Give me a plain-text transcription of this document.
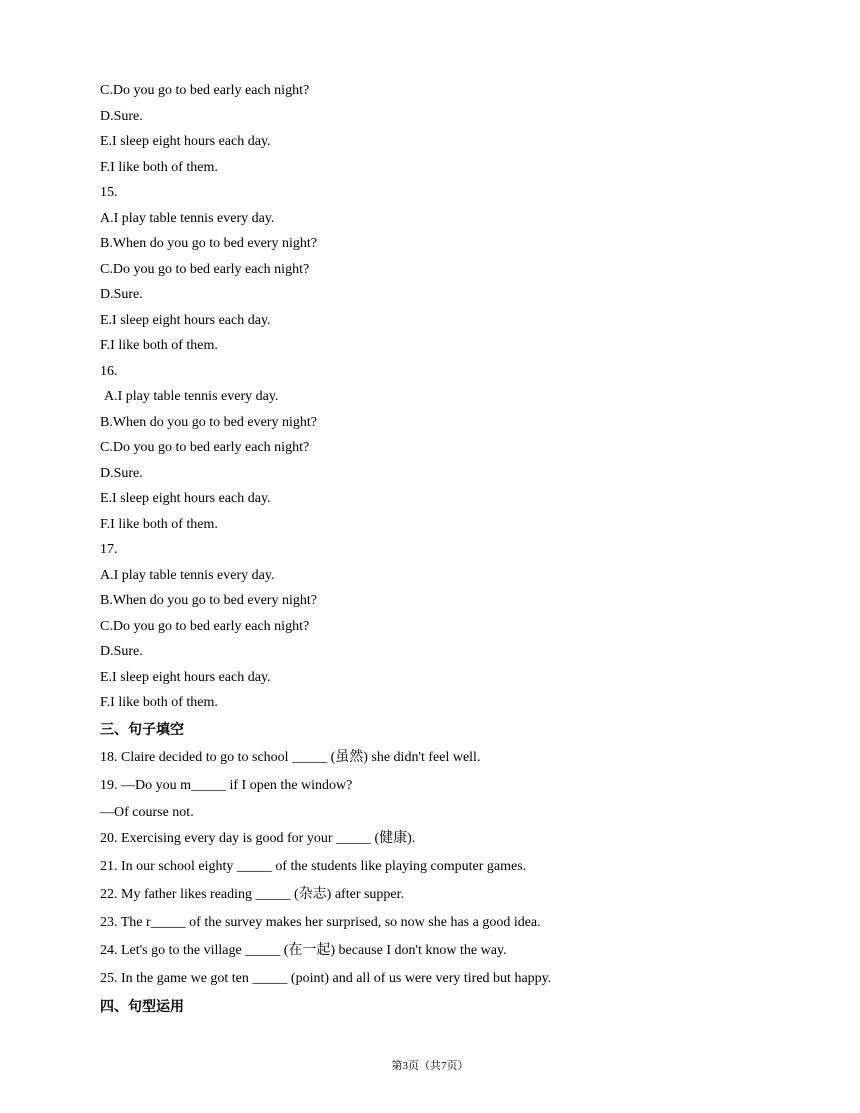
C.Do you go to bed early each night?
D.Sure.
E.I sleep eight hours each day.
F.I like both of them.
15.
A.I play table tennis every day.
B.When do you go to bed every night?
C.Do you go to bed early each night?
D.Sure.
E.I sleep eight hours each day.
F.I like both of them.
16.
A.I play table tennis every day.
B.When do you go to bed every night?
C.Do you go to bed early each night?
D.Sure.
E.I sleep eight hours each day.
F.I like both of them.
17.
A.I play table tennis every day.
B.When do you go to bed every night?
C.Do you go to bed early each night?
D.Sure.
E.I sleep eight hours each day.
F.I like both of them.
三、句子填空
18. Claire decided to go to school _____ (虽然) she didn't feel well.
19. —Do you m_____ if I open the window?
—Of course not.
20. Exercising every day is good for your _____ (健康).
21. In our school eighty _____ of the students like playing computer games.
22. My father likes reading _____ (杂志) after supper.
23. The r_____ of the survey makes her surprised, so now she has a good idea.
24. Let's go to the village _____ (在一起) because I don't know the way.
25. In the game we got ten _____ (point) and all of us were very tired but happy.
四、句型运用
第3页（共7页）
